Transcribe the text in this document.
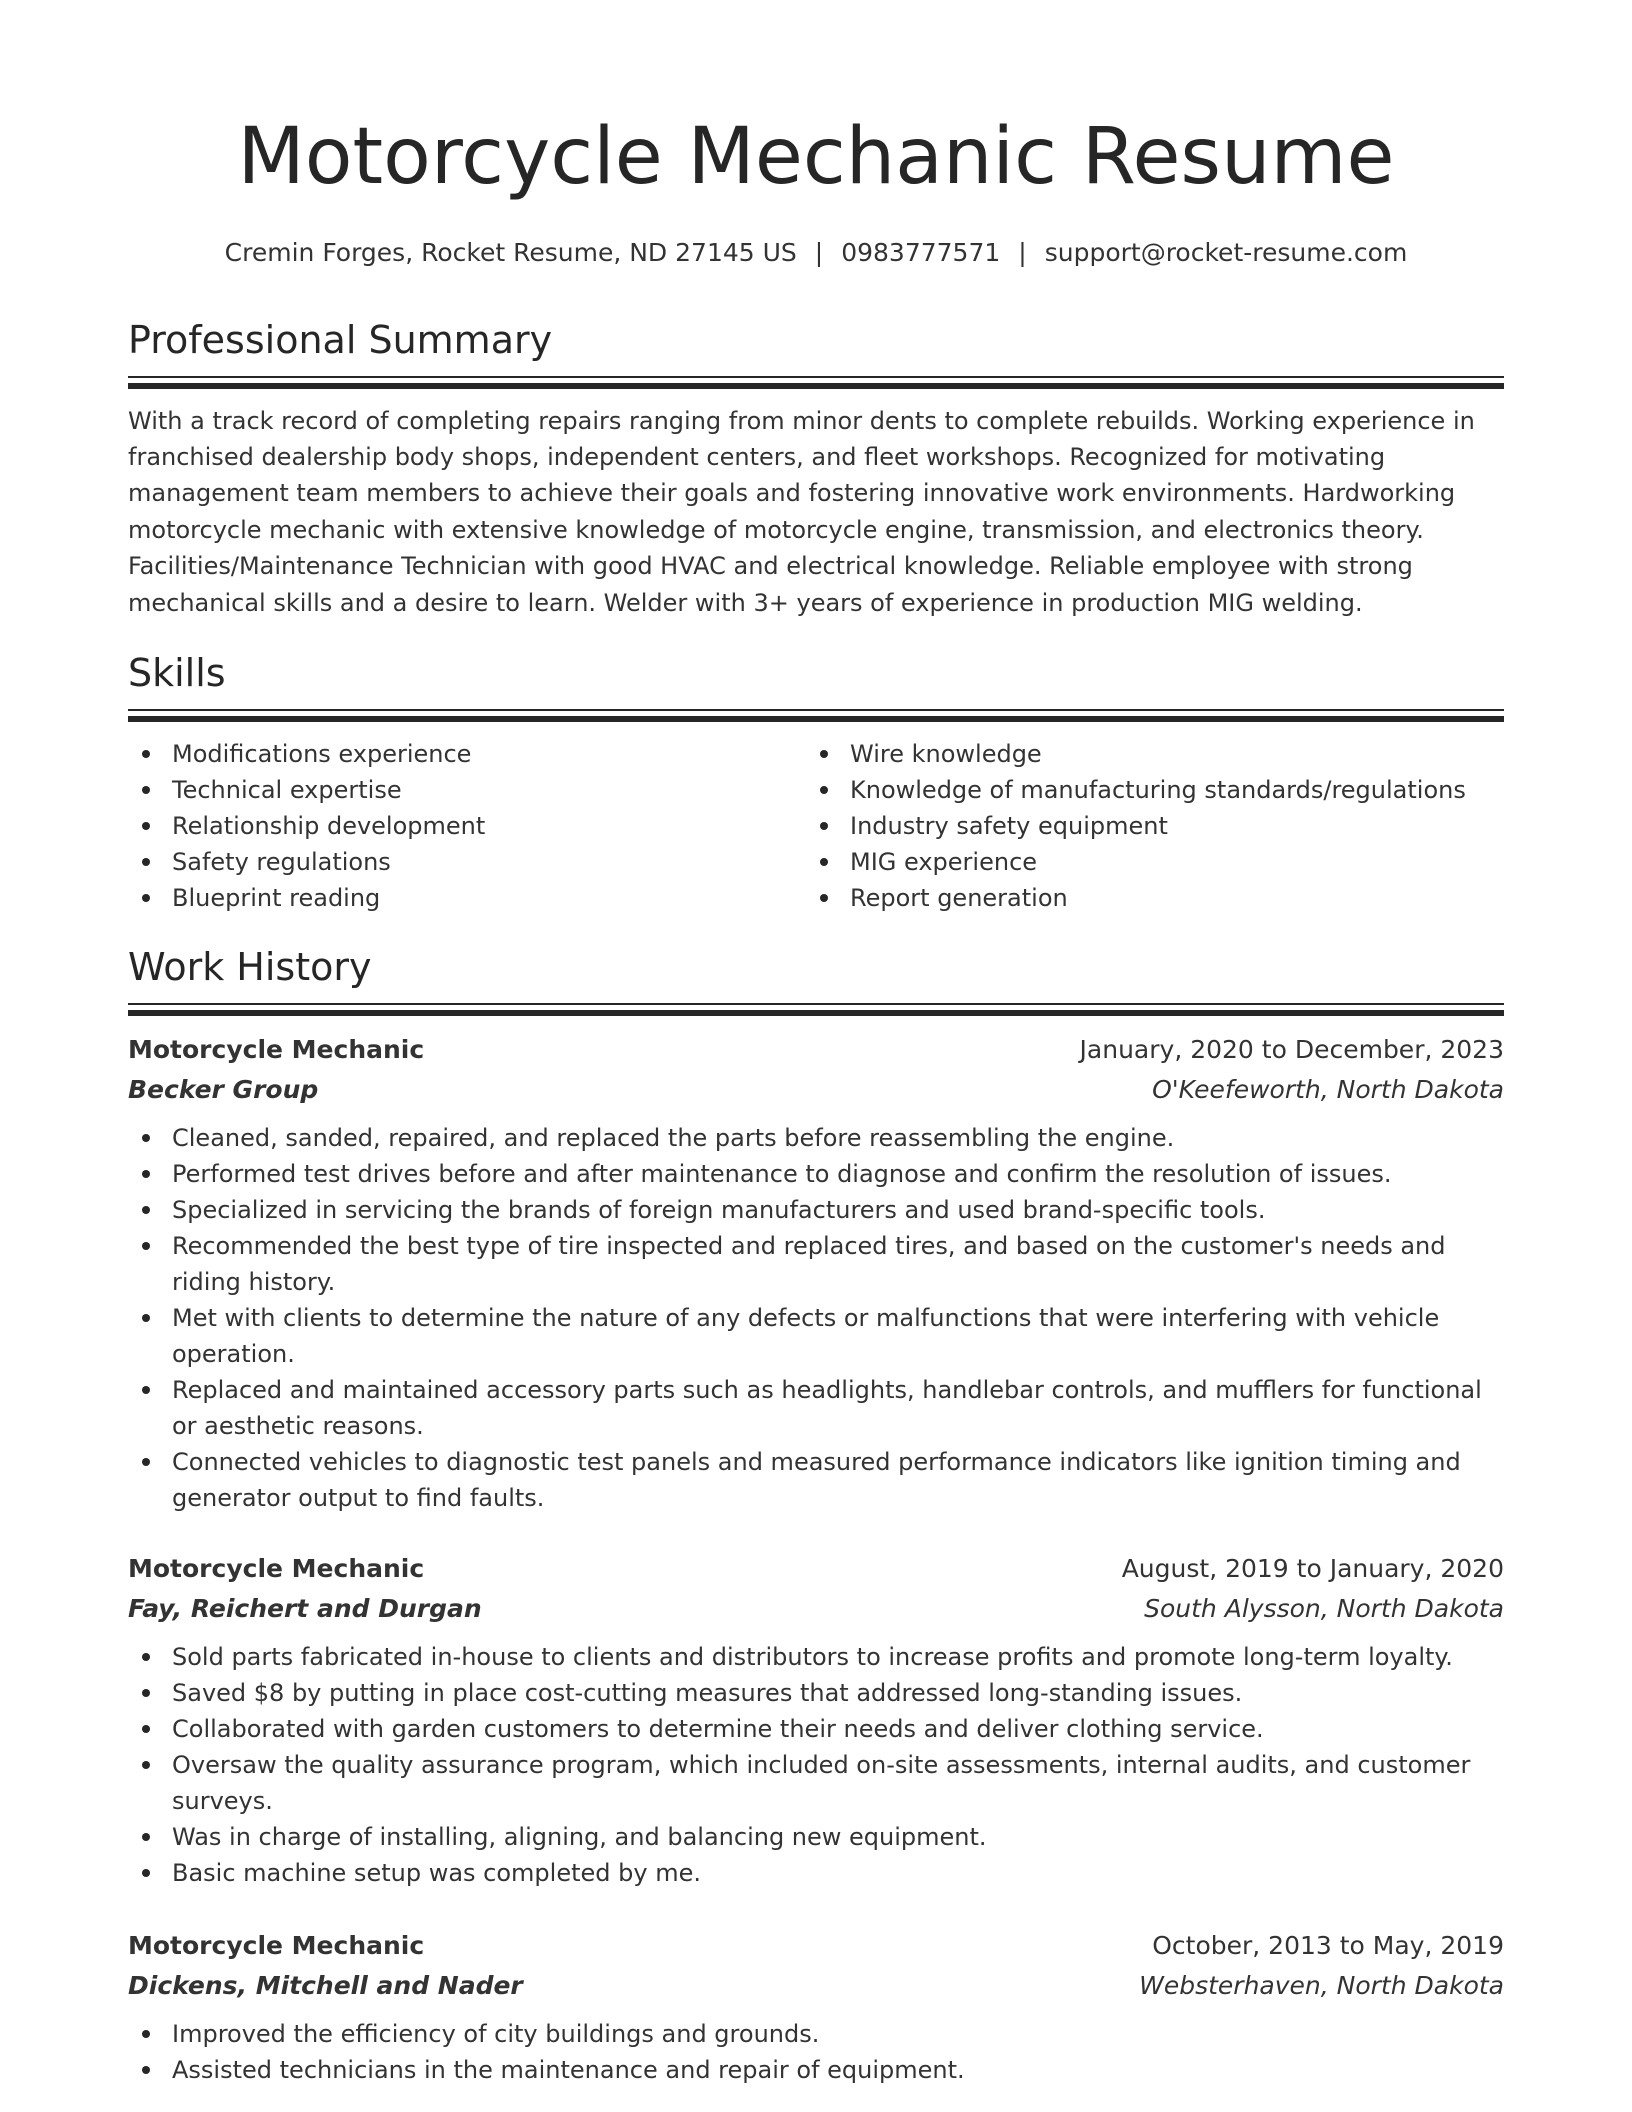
Motorcycle Mechanic Resume
Cremin Forges, Rocket Resume, ND 27145 US | 0983777571 | support@rocket-resume.com
Professional Summary
With a track record of completing repairs ranging from minor dents to complete rebuilds. Working experience in franchised dealership body shops, independent centers, and fleet workshops. Recognized for motivating management team members to achieve their goals and fostering innovative work environments. Hardworking motorcycle mechanic with extensive knowledge of motorcycle engine, transmission, and electronics theory. Facilities/Maintenance Technician with good HVAC and electrical knowledge. Reliable employee with strong mechanical skills and a desire to learn. Welder with 3+ years of experience in production MIG welding.
Skills
Modifications experience
Technical expertise
Relationship development
Safety regulations
Blueprint reading
Wire knowledge
Knowledge of manufacturing standards/regulations
Industry safety equipment
MIG experience
Report generation
Work History
Motorcycle Mechanic	January, 2020 to December, 2023
Becker Group	O'Keefeworth, North Dakota
Cleaned, sanded, repaired, and replaced the parts before reassembling the engine.
Performed test drives before and after maintenance to diagnose and confirm the resolution of issues.
Specialized in servicing the brands of foreign manufacturers and used brand-specific tools.
Recommended the best type of tire inspected and replaced tires, and based on the customer's needs and riding history.
Met with clients to determine the nature of any defects or malfunctions that were interfering with vehicle operation.
Replaced and maintained accessory parts such as headlights, handlebar controls, and mufflers for functional or aesthetic reasons.
Connected vehicles to diagnostic test panels and measured performance indicators like ignition timing and generator output to find faults.
Motorcycle Mechanic	August, 2019 to January, 2020
Fay, Reichert and Durgan	South Alysson, North Dakota
Sold parts fabricated in-house to clients and distributors to increase profits and promote long-term loyalty.
Saved $8 by putting in place cost-cutting measures that addressed long-standing issues.
Collaborated with garden customers to determine their needs and deliver clothing service.
Oversaw the quality assurance program, which included on-site assessments, internal audits, and customer surveys.
Was in charge of installing, aligning, and balancing new equipment.
Basic machine setup was completed by me.
Motorcycle Mechanic	October, 2013 to May, 2019
Dickens, Mitchell and Nader	Websterhaven, North Dakota
Improved the efficiency of city buildings and grounds.
Assisted technicians in the maintenance and repair of equipment.
